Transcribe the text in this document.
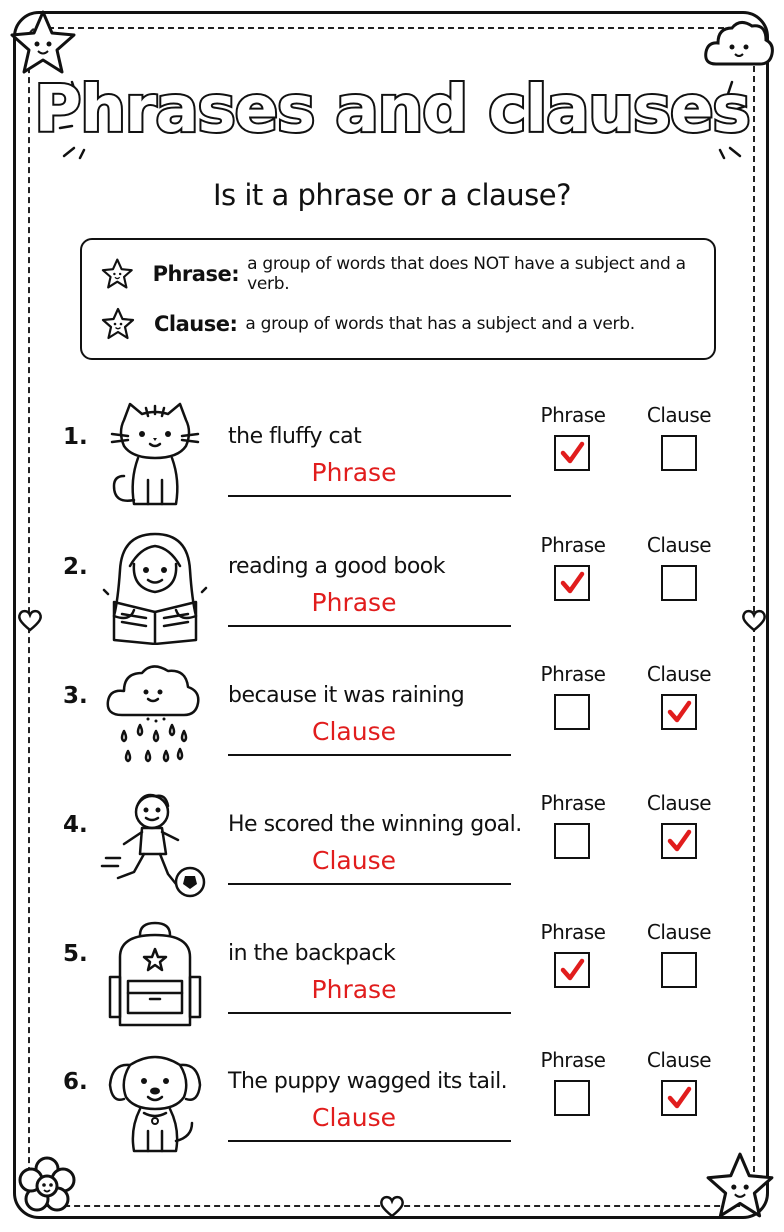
Phrases and clauses
Is it a phrase or a clause?
Phrase: a group of words that does NOT have a subject and a verb.
Clause: a group of words that has a subject and a verb.
1.	the fluffy cat
Phrase
Phrase	Clause
2.	reading a good book
Phrase
Phrase	Clause
3.	because it was raining
Clause
Phrase	Clause
4.	He scored the winning goal.
Clause
Phrase	Clause
5.	in the backpack
Phrase
Phrase	Clause
6.	The puppy wagged its tail.
Clause
Phrase	Clause
